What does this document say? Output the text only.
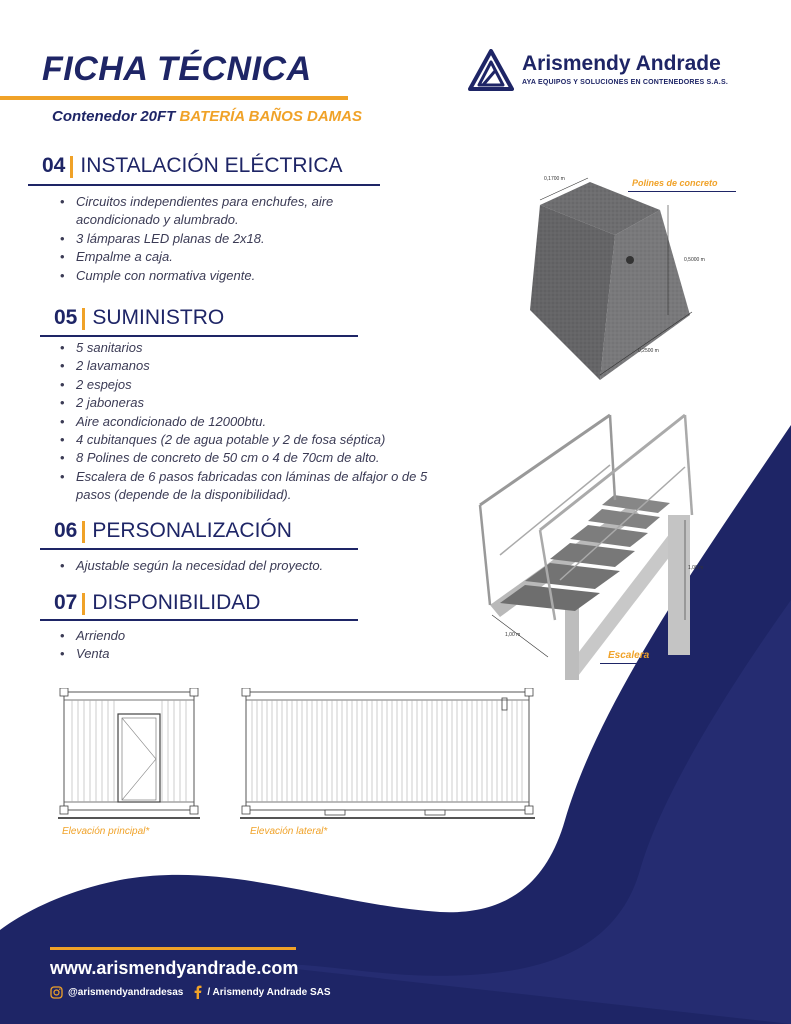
FICHA TÉCNICA
Contenedor 20FT BATERÍA BAÑOS DAMAS
Arismendy Andrade
AYA EQUIPOS Y SOLUCIONES EN CONTENEDORES S.A.S.
04 INSTALACIÓN ELÉCTRICA
• Circuitos independientes para enchufes, aire acondicionado y alumbrado.
• 3 lámparas LED planas de 2x18.
• Empalme a caja.
• Cumple con normativa vigente.
05 SUMINISTRO
• 5 sanitarios
• 2 lavamanos
• 2 espejos
• 2 jaboneras
• Aire acondicionado de 12000btu.
• 4 cubitanques (2 de agua potable y 2 de fosa séptica)
• 8 Polines de concreto de 50 cm o 4 de 70cm de alto.
• Escalera de 6 pasos fabricadas con láminas de alfajor o de 5 pasos (depende de la disponibilidad).
06 PERSONALIZACIÓN
• Ajustable según la necesidad del proyecto.
07 DISPONIBILIDAD
• Arriendo
• Venta
0,1700 m
0,5000 m
0,2500 m
Polines de concreto
1,00 m
1,00 m
Escalera
Elevación principal*	Elevación lateral*
www.arismendyandrade.com
@arismendyandradesas / Arismendy Andrade SAS
